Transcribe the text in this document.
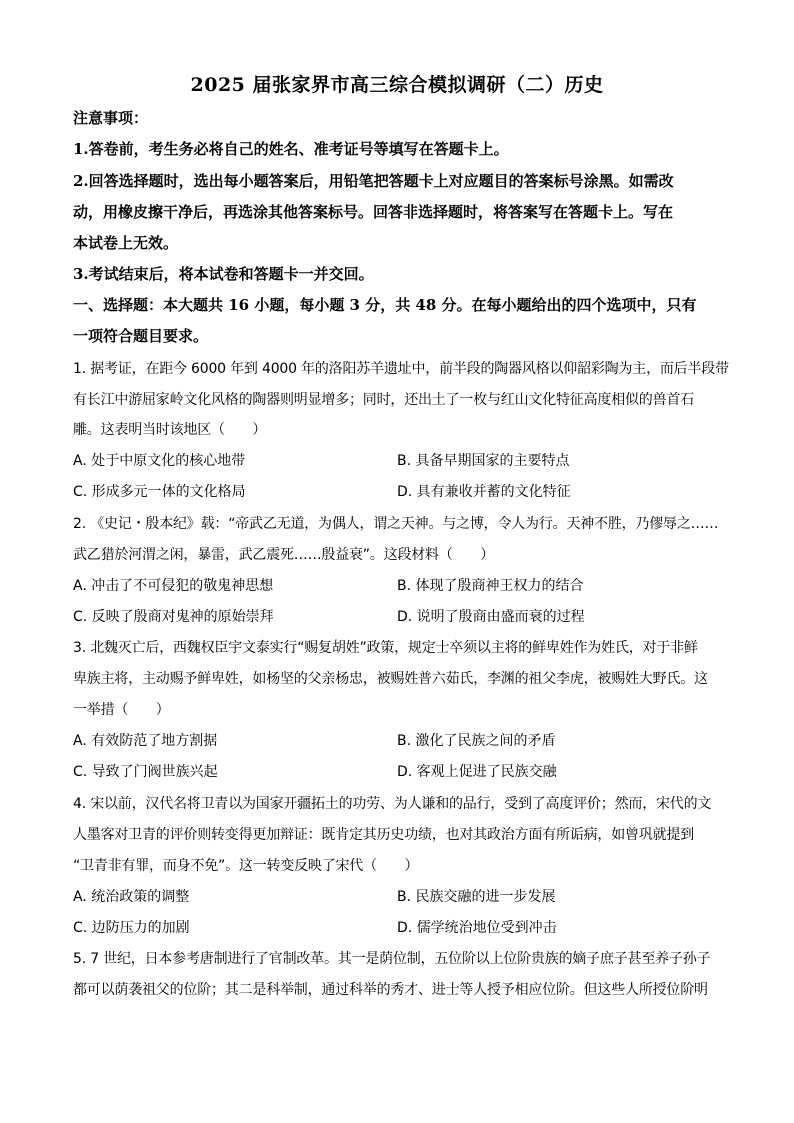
2025 届张家界市高三综合模拟调研（二）历史
注意事项：
1.答卷前，考生务必将自己的姓名、准考证号等填写在答题卡上。
2.回答选择题时，选出每小题答案后，用铅笔把答题卡上对应题目的答案标号涂黑。如需改
动，用橡皮擦干净后，再选涂其他答案标号。回答非选择题时，将答案写在答题卡上。写在
本试卷上无效。
3.考试结束后，将本试卷和答题卡一并交回。
一、选择题：本大题共 16 小题，每小题 3 分，共 48 分。在每小题给出的四个选项中，只有
一项符合题目要求。
1. 据考证，在距今 6000 年到 4000 年的洛阳苏羊遗址中，前半段的陶器风格以仰韶彩陶为主，而后半段带
有长江中游屈家岭文化风格的陶器则明显增多；同时，还出土了一枚与红山文化特征高度相似的兽首石
雕。这表明当时该地区（　　）
A. 处于中原文化的核心地带	B. 具备早期国家的主要特点
C. 形成多元一体的文化格局	D. 具有兼收并蓄的文化特征
2. 《史记・殷本纪》载：“帝武乙无道，为偶人，谓之天神。与之博，令人为行。天神不胜，乃僇辱之……
武乙猎於河渭之闲，暴雷，武乙震死……殷益衰”。这段材料（　　）
A. 冲击了不可侵犯的敬鬼神思想	B. 体现了殷商神王权力的结合
C. 反映了殷商对鬼神的原始崇拜	D. 说明了殷商由盛而衰的过程
3. 北魏灭亡后，西魏权臣宇文泰实行“赐复胡姓”政策，规定士卒须以主将的鲜卑姓作为姓氏，对于非鲜
卑族主将，主动赐予鲜卑姓，如杨坚的父亲杨忠，被赐姓普六茹氏，李渊的祖父李虎，被赐姓大野氏。这
一举措（　　）
A. 有效防范了地方割据	B. 激化了民族之间的矛盾
C. 导致了门阀世族兴起	D. 客观上促进了民族交融
4. 宋以前，汉代名将卫青以为国家开疆拓土的功劳、为人谦和的品行，受到了高度评价；然而，宋代的文
人墨客对卫青的评价则转变得更加辩证：既肯定其历史功绩，也对其政治方面有所诟病，如曾巩就提到
“卫青非有罪，而身不免”。这一转变反映了宋代（　　）
A. 统治政策的调整	B. 民族交融的进一步发展
C. 边防压力的加剧	D. 儒学统治地位受到冲击
5. 7 世纪，日本参考唐制进行了官制改革。其一是荫位制，五位阶以上位阶贵族的嫡子庶子甚至养子孙子
都可以荫袭祖父的位阶；其二是科举制，通过科举的秀才、进士等人授予相应位阶。但这些人所授位阶明
